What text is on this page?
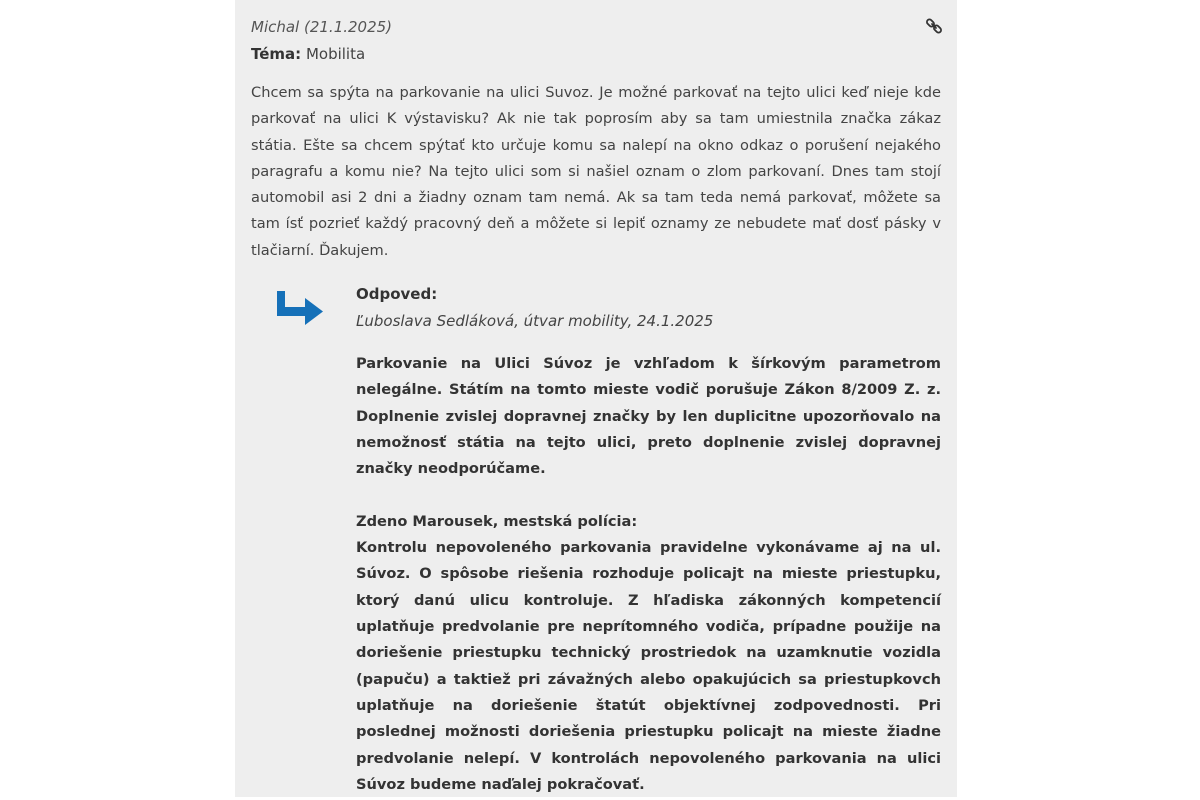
Michal (21.1.2025)
Téma: Mobilita
Chcem sa spýta na parkovanie na ulici Suvoz. Je možné parkovať na tejto ulici keď nieje kde parkovať na ulici K výstavisku? Ak nie tak poprosím aby sa tam umiestnila značka zákaz státia. Ešte sa chcem spýtať kto určuje komu sa nalepí na okno odkaz o porušení nejakého paragrafu a komu nie? Na tejto ulici som si našiel oznam o zlom parkovaní. Dnes tam stojí automobil asi 2 dni a žiadny oznam tam nemá. Ak sa tam teda nemá parkovať, môžete sa tam ísť pozrieť každý pracovný deň a môžete si lepiť oznamy ze nebudete mať dosť pásky v tlačiarní. Ďakujem.
Odpoved:
Ľuboslava Sedláková, útvar mobility, 24.1.2025

Parkovanie na Ulici Súvoz je vzhľadom k šírkovým parametrom nelegálne. Státím na tomto mieste vodič porušuje Zákon 8/2009 Z. z. Doplnenie zvislej dopravnej značky by len duplicitne upozorňovalo na nemožnosť státia na tejto ulici, preto doplnenie zvislej dopravnej značky neodporúčame.

Zdeno Marousek, mestská polícia:

Kontrolu nepovoleného parkovania pravidelne vykonávame aj na ul. Súvoz. O spôsobe riešenia rozhoduje policajt na mieste priestupku, ktorý danú ulicu kontroluje. Z hľadiska zákonných kompetencií uplatňuje predvolanie pre neprítomného vodiča, prípadne použije na doriešenie priestupku technický prostriedok na uzamknutie vozidla (papuču) a taktiež pri závažných alebo opakujúcich sa priestupkovch uplatňuje na doriešenie štatút objektívnej zodpovednosti. Pri poslednej možnosti doriešenia priestupku policajt na mieste žiadne predvolanie nelepí. V kontrolách nepovoleného parkovania na ulici Súvoz budeme naďalej pokračovať.
